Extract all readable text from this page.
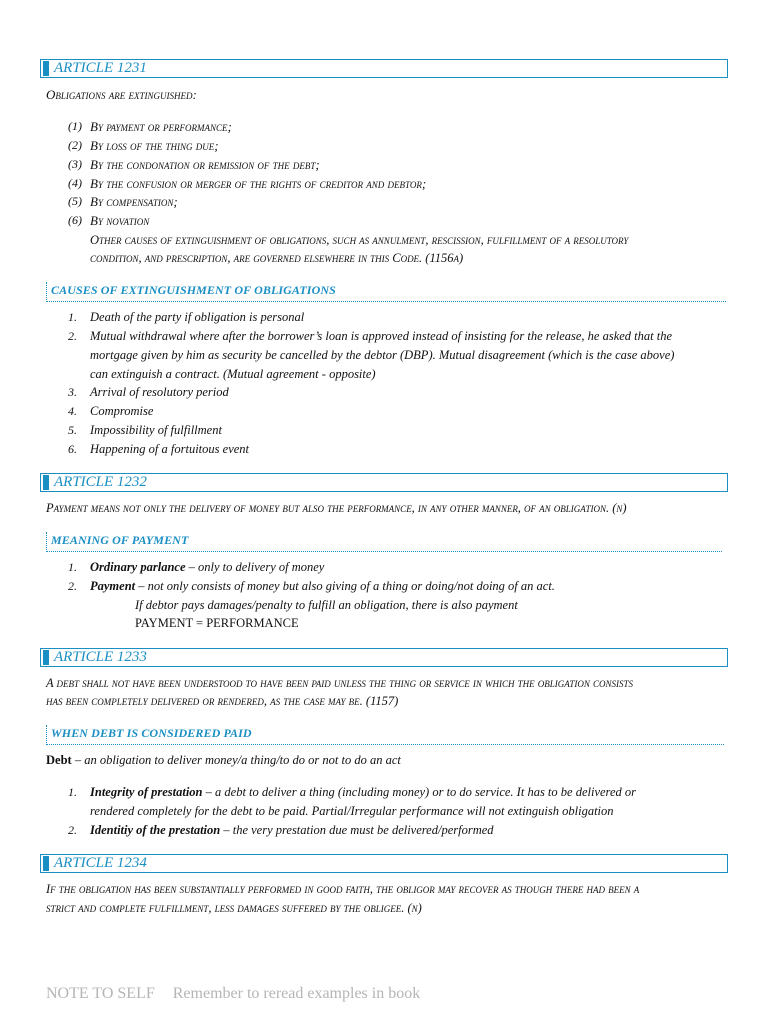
ARTICLE 1231
Obligations are extinguished:
(1) By payment or performance;
(2) By loss of the thing due;
(3) By the condonation or remission of the debt;
(4) By the confusion or merger of the rights of creditor and debtor;
(5) By compensation;
(6) By novation
Other causes of extinguishment of obligations, such as annulment, rescission, fulfillment of a resolutory
condition, and prescription, are governed elsewhere in this Code. (1156a)
CAUSES OF EXTINGUISHMENT OF OBLIGATIONS
1. Death of the party if obligation is personal
2. Mutual withdrawal where after the borrower’s loan is approved instead of insisting for the release, he asked that the
mortgage given by him as security be cancelled by the debtor (DBP). Mutual disagreement (which is the case above)
can extinguish a contract. (Mutual agreement - opposite)
3. Arrival of resolutory period
4. Compromise
5. Impossibility of fulfillment
6. Happening of a fortuitous event
ARTICLE 1232
Payment means not only the delivery of money but also the performance, in any other manner, of an obligation. (n)
MEANING OF PAYMENT
1. Ordinary parlance – only to delivery of money
2. Payment – not only consists of money but also giving of a thing or doing/not doing of an act.
If debtor pays damages/penalty to fulfill an obligation, there is also payment
PAYMENT = PERFORMANCE
ARTICLE 1233
A debt shall not have been understood to have been paid unless the thing or service in which the obligation consists
has been completely delivered or rendered, as the case may be. (1157)
WHEN DEBT IS CONSIDERED PAID
Debt – an obligation to deliver money/a thing/to do or not to do an act
1. Integrity of prestation – a debt to deliver a thing (including money) or to do service. It has to be delivered or
rendered completely for the debt to be paid. Partial/Irregular performance will not extinguish obligation
2. Identitiy of the prestation – the very prestation due must be delivered/performed
ARTICLE 1234
If the obligation has been substantially performed in good faith, the obligor may recover as though there had been a
strict and complete fulfillment, less damages suffered by the obligee. (n)
NOTE TO SELF Remember to reread examples in book
